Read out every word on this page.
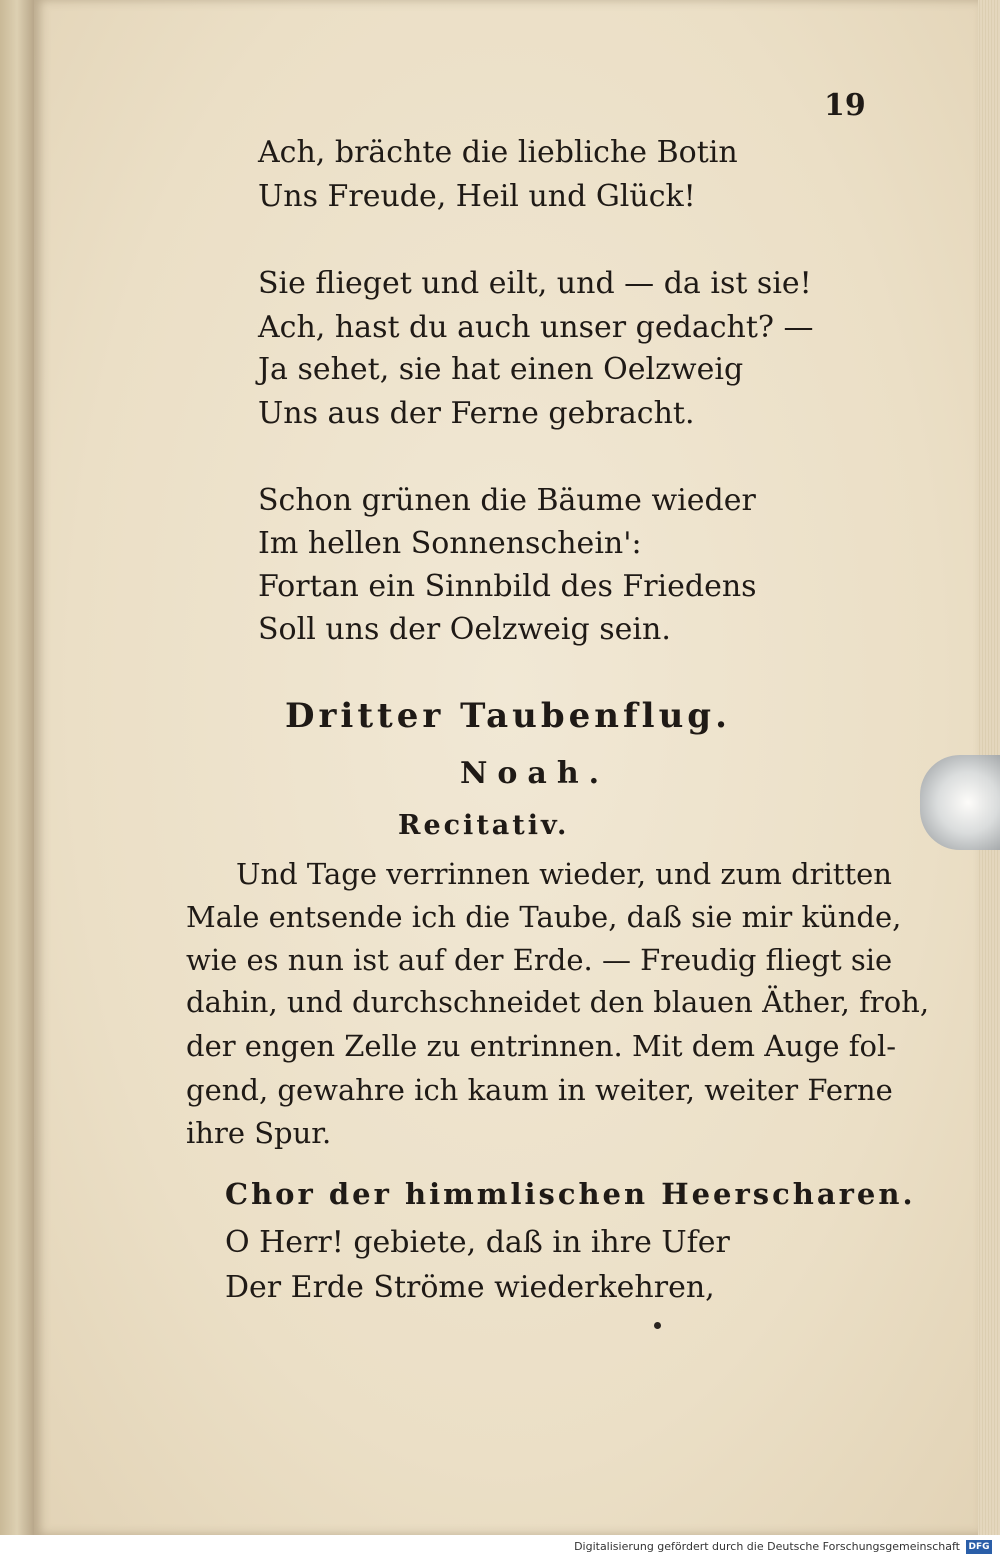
19
Ach, brächte die liebliche Botin
Uns Freude, Heil und Glück!
Sie flieget und eilt, und — da ist sie!
Ach, hast du auch unser gedacht? —
Ja sehet, sie hat einen Oelzweig
Uns aus der Ferne gebracht.
Schon grünen die Bäume wieder
Im hellen Sonnenschein':
Fortan ein Sinnbild des Friedens
Soll uns der Oelzweig sein.
Dritter Taubenflug.
Noah.
Recitativ.
Und Tage verrinnen wieder, und zum dritten
Male entsende ich die Taube, daß sie mir künde,
wie es nun ist auf der Erde. — Freudig fliegt sie
dahin, und durchschneidet den blauen Äther, froh,
der engen Zelle zu entrinnen. Mit dem Auge fol-
gend, gewahre ich kaum in weiter, weiter Ferne
ihre Spur.
Chor der himmlischen Heerscharen.
O Herr! gebiete, daß in ihre Ufer
Der Erde Ströme wiederkehren,
Digitalisierung gefördert durch die Deutsche Forschungsgemeinschaft DFG
